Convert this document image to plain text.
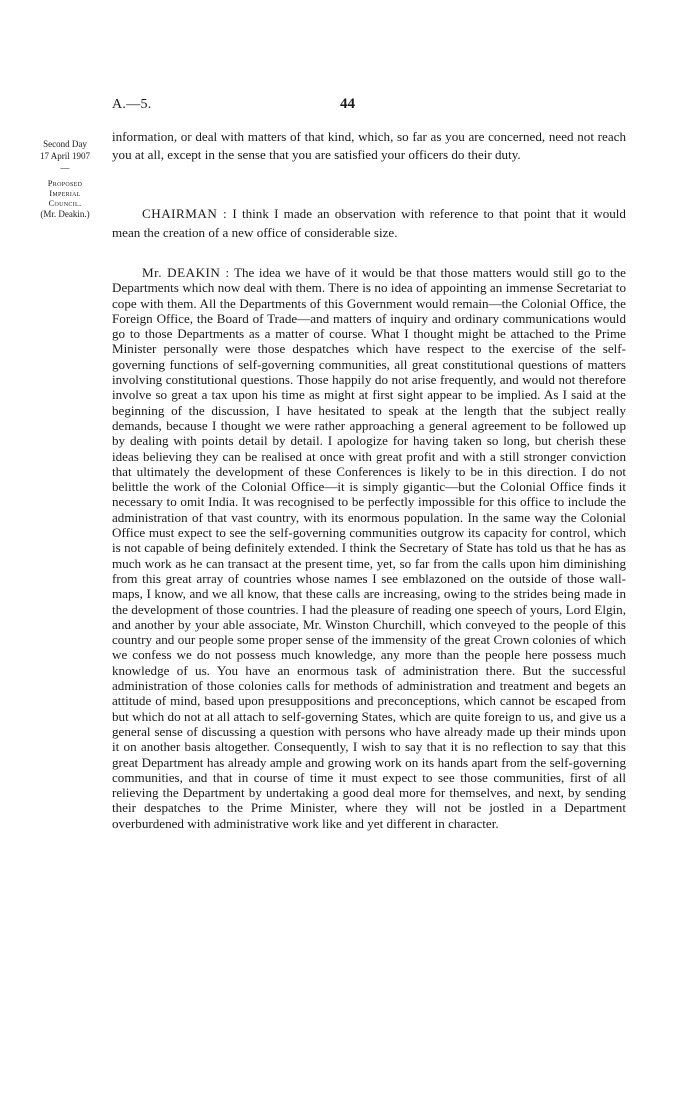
A.—5.	44
Second Day
17 April 1907
—
Proposed
Imperial
Council.
(Mr. Deakin.)

information, or deal with matters of that kind, which, so far as you are concerned, need not reach you at all, except in the sense that you are satisfied your officers do their duty.

CHAIRMAN : I think I made an observation with reference to that point that it would mean the creation of a new office of considerable size.

Mr. DEAKIN : The idea we have of it would be that those matters would still go to the Departments which now deal with them. There is no idea of appointing an immense Secretariat to cope with them. All the Departments of this Government would remain—the Colonial Office, the Foreign Office, the Board of Trade—and matters of inquiry and ordinary communications would go to those Departments as a matter of course. What I thought might be attached to the Prime Minister personally were those despatches which have respect to the exercise of the self-governing functions of self-governing communities, all great constitutional questions of matters involving constitutional questions. Those happily do not arise frequently, and would not therefore involve so great a tax upon his time as might at first sight appear to be implied. As I said at the beginning of the discussion, I have hesitated to speak at the length that the subject really demands, because I thought we were rather approaching a general agreement to be followed up by dealing with points detail by detail. I apologize for having taken so long, but cherish these ideas believing they can be realised at once with great profit and with a still stronger conviction that ultimately the development of these Conferences is likely to be in this direction. I do not belittle the work of the Colonial Office—it is simply gigantic—but the Colonial Office finds it necessary to omit India. It was recognised to be perfectly impossible for this office to include the administration of that vast country, with its enormous population. In the same way the Colonial Office must expect to see the self-governing communities outgrow its capacity for control, which is not capable of being definitely extended. I think the Secretary of State has told us that he has as much work as he can transact at the present time, yet, so far from the calls upon him diminishing from this great array of countries whose names I see emblazoned on the outside of those wall-maps, I know, and we all know, that these calls are increasing, owing to the strides being made in the development of those countries. I had the pleasure of reading one speech of yours, Lord Elgin, and another by your able associate, Mr. Winston Churchill, which conveyed to the people of this country and our people some proper sense of the immensity of the great Crown colonies of which we confess we do not possess much knowledge, any more than the people here possess much knowledge of us. You have an enormous task of administration there. But the successful administration of those colonies calls for methods of administration and treatment and begets an attitude of mind, based upon presuppositions and preconceptions, which cannot be escaped from but which do not at all attach to self-governing States, which are quite foreign to us, and give us a general sense of discussing a question with persons who have already made up their minds upon it on another basis altogether. Consequently, I wish to say that it is no reflection to say that this great Department has already ample and growing work on its hands apart from the self-governing communities, and that in course of time it must expect to see those communities, first of all relieving the Department by undertaking a good deal more for themselves, and next, by sending their despatches to the Prime Minister, where they will not be jostled in a Department overburdened with administrative work like and yet different in character.
